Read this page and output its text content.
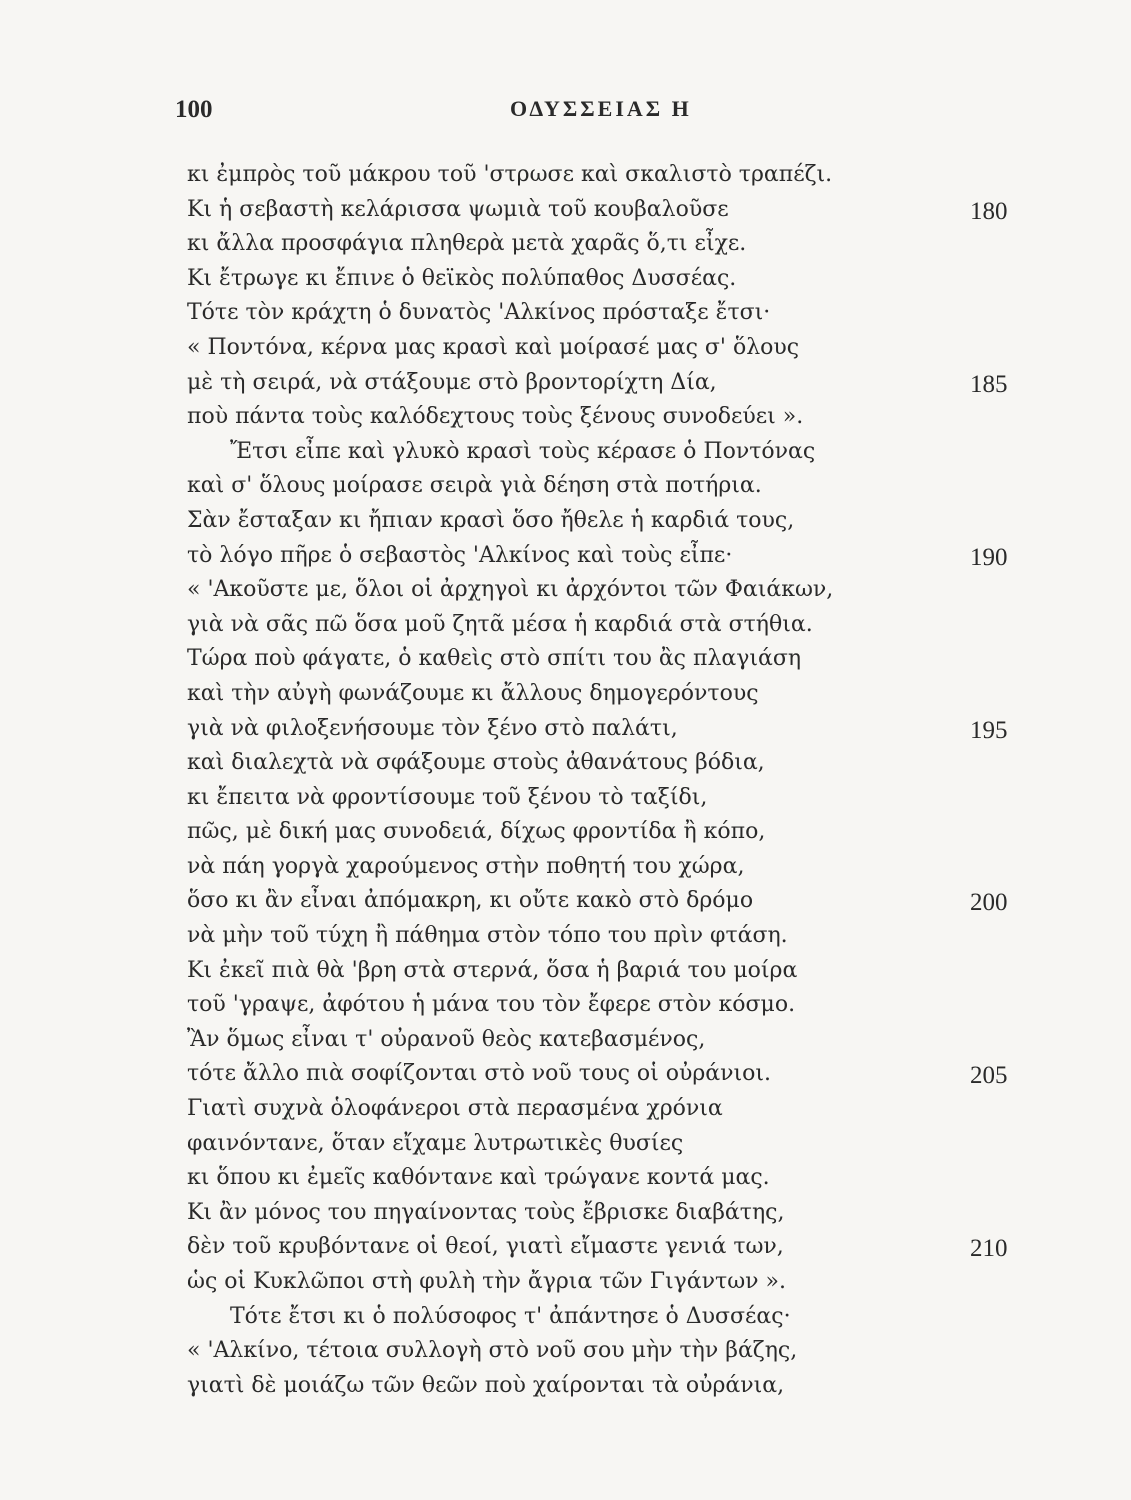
100	ΟΔΥΣΣΕΙΑΣ Η
κι ἐμπρὸς τοῦ μάκρου τοῦ 'στρωσε καὶ σκαλιστὸ τραπέζι.
Κι ἡ σεβαστὴ κελάρισσα ψωμιὰ τοῦ κουβαλοῦσε	180
κι ἄλλα προσφάγια πληθερὰ μετὰ χαρᾶς ὅ,τι εἶχε.
Κι ἔτρωγε κι ἔπινε ὁ θεϊκὸς πολύπαθος Δυσσέας.
Τότε τὸν κράχτη ὁ δυνατὸς 'Αλκίνος πρόσταξε ἔτσι·
« Ποντόνα, κέρνα μας κρασὶ καὶ μοίρασέ μας σ' ὅλους
μὲ τὴ σειρά, νὰ στάξουμε στὸ βροντορίχτη Δία,	185
ποὺ πάντα τοὺς καλόδεχτους τοὺς ξένους συνοδεύει ».
Ἔτσι εἶπε καὶ γλυκὸ κρασὶ τοὺς κέρασε ὁ Ποντόνας
καὶ σ' ὅλους μοίρασε σειρὰ γιὰ δέηση στὰ ποτήρια.
Σὰν ἔσταξαν κι ἤπιαν κρασὶ ὅσο ἤθελε ἡ καρδιά τους,
τὸ λόγο πῆρε ὁ σεβαστὸς 'Αλκίνος καὶ τοὺς εἶπε·	190
« 'Ακοῦστε με, ὅλοι οἱ ἀρχηγοὶ κι ἀρχόντοι τῶν Φαιάκων,
γιὰ νὰ σᾶς πῶ ὅσα μοῦ ζητᾶ μέσα ἡ καρδιά στὰ στήθια.
Τώρα ποὺ φάγατε, ὁ καθεὶς στὸ σπίτι του ἂς πλαγιάση
καὶ τὴν αὐγὴ φωνάζουμε κι ἄλλους δημογερόντους
γιὰ νὰ φιλοξενήσουμε τὸν ξένο στὸ παλάτι,	195
καὶ διαλεχτὰ νὰ σφάξουμε στοὺς ἀθανάτους βόδια,
κι ἔπειτα νὰ φροντίσουμε τοῦ ξένου τὸ ταξίδι,
πῶς, μὲ δική μας συνοδειά, δίχως φροντίδα ἢ κόπο,
νὰ πάη γοργὰ χαρούμενος στὴν ποθητή του χώρα,
ὅσο κι ἂν εἶναι ἀπόμακρη, κι οὔτε κακὸ στὸ δρόμο	200
νὰ μὴν τοῦ τύχη ἢ πάθημα στὸν τόπο του πρὶν φτάση.
Κι ἐκεῖ πιὰ θὰ 'βρη στὰ στερνά, ὅσα ἡ βαριά του μοίρα
τοῦ 'γραψε, ἀφότου ἡ μάνα του τὸν ἔφερε στὸν κόσμο.
Ἂν ὅμως εἶναι τ' οὐρανοῦ θεὸς κατεβασμένος,
τότε ἄλλο πιὰ σοφίζονται στὸ νοῦ τους οἱ οὐράνιοι.	205
Γιατὶ συχνὰ ὁλοφάνεροι στὰ περασμένα χρόνια
φαινόντανε, ὅταν εἴχαμε λυτρωτικὲς θυσίες
κι ὅπου κι ἐμεῖς καθόντανε καὶ τρώγανε κοντά μας.
Κι ἂν μόνος του πηγαίνοντας τοὺς ἔβρισκε διαβάτης,
δὲν τοῦ κρυβόντανε οἱ θεοί, γιατὶ εἴμαστε γενιά των,	210
ὡς οἱ Κυκλῶποι στὴ φυλὴ τὴν ἄγρια τῶν Γιγάντων ».
Τότε ἔτσι κι ὁ πολύσοφος τ' ἀπάντησε ὁ Δυσσέας·
« 'Αλκίνο, τέτοια συλλογὴ στὸ νοῦ σου μὴν τὴν βάζης,
γιατὶ δὲ μοιάζω τῶν θεῶν ποὺ χαίρονται τὰ οὐράνια,
